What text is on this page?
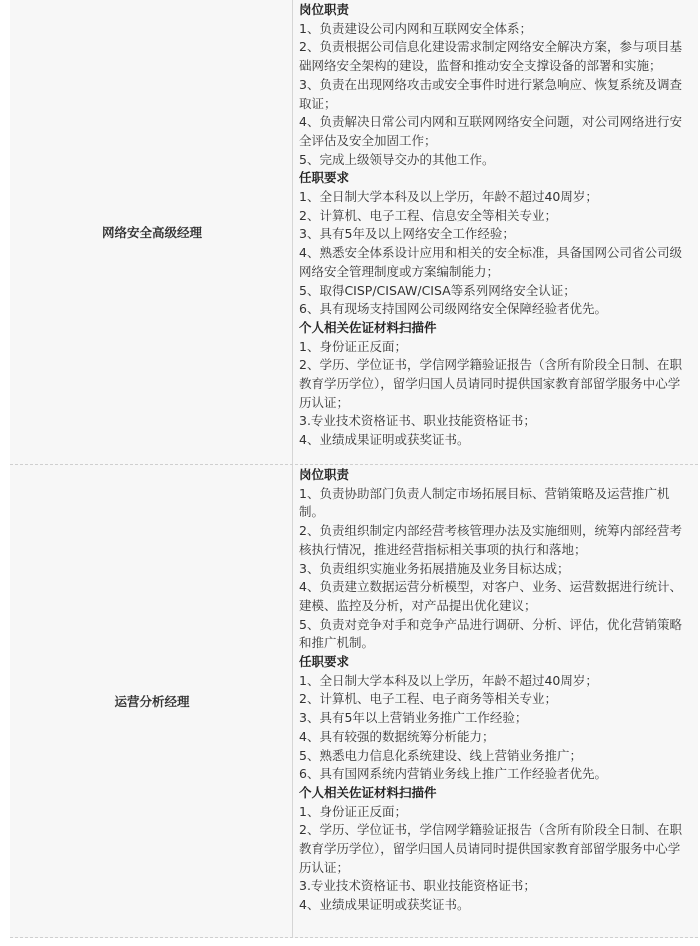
网络安全高级经理
岗位职责
1、负责建设公司内网和互联网安全体系；
2、负责根据公司信息化建设需求制定网络安全解决方案，参与项目基础网络安全架构的建设，监督和推动安全支撑设备的部署和实施；
3、负责在出现网络攻击或安全事件时进行紧急响应、恢复系统及调查取证；
4、负责解决日常公司内网和互联网网络安全问题，对公司网络进行安全评估及安全加固工作；
5、完成上级领导交办的其他工作。
任职要求
1、全日制大学本科及以上学历，年龄不超过40周岁；
2、计算机、电子工程、信息安全等相关专业；
3、具有5年及以上网络安全工作经验；
4、熟悉安全体系设计应用和相关的安全标准，具备国网公司省公司级网络安全管理制度或方案编制能力；
5、取得CISP/CISAW/CISA等系列网络安全认证；
6、具有现场支持国网公司级网络安全保障经验者优先。
个人相关佐证材料扫描件
1、身份证正反面；
2、学历、学位证书，学信网学籍验证报告（含所有阶段全日制、在职教育学历学位），留学归国人员请同时提供国家教育部留学服务中心学历认证；
3.专业技术资格证书、职业技能资格证书；
4、业绩成果证明或获奖证书。
运营分析经理
岗位职责
1、负责协助部门负责人制定市场拓展目标、营销策略及运营推广机制。
2、负责组织制定内部经营考核管理办法及实施细则，统筹内部经营考核执行情况，推进经营指标相关事项的执行和落地；
3、负责组织实施业务拓展措施及业务目标达成；
4、负责建立数据运营分析模型，对客户、业务、运营数据进行统计、建模、监控及分析，对产品提出优化建议；
5、负责对竞争对手和竞争产品进行调研、分析、评估，优化营销策略和推广机制。
任职要求
1、全日制大学本科及以上学历，年龄不超过40周岁；
2、计算机、电子工程、电子商务等相关专业；
3、具有5年以上营销业务推广工作经验；
4、具有较强的数据统筹分析能力；
5、熟悉电力信息化系统建设、线上营销业务推广；
6、具有国网系统内营销业务线上推广工作经验者优先。
个人相关佐证材料扫描件
1、身份证正反面；
2、学历、学位证书，学信网学籍验证报告（含所有阶段全日制、在职教育学历学位），留学归国人员请同时提供国家教育部留学服务中心学历认证；
3.专业技术资格证书、职业技能资格证书；
4、业绩成果证明或获奖证书。
